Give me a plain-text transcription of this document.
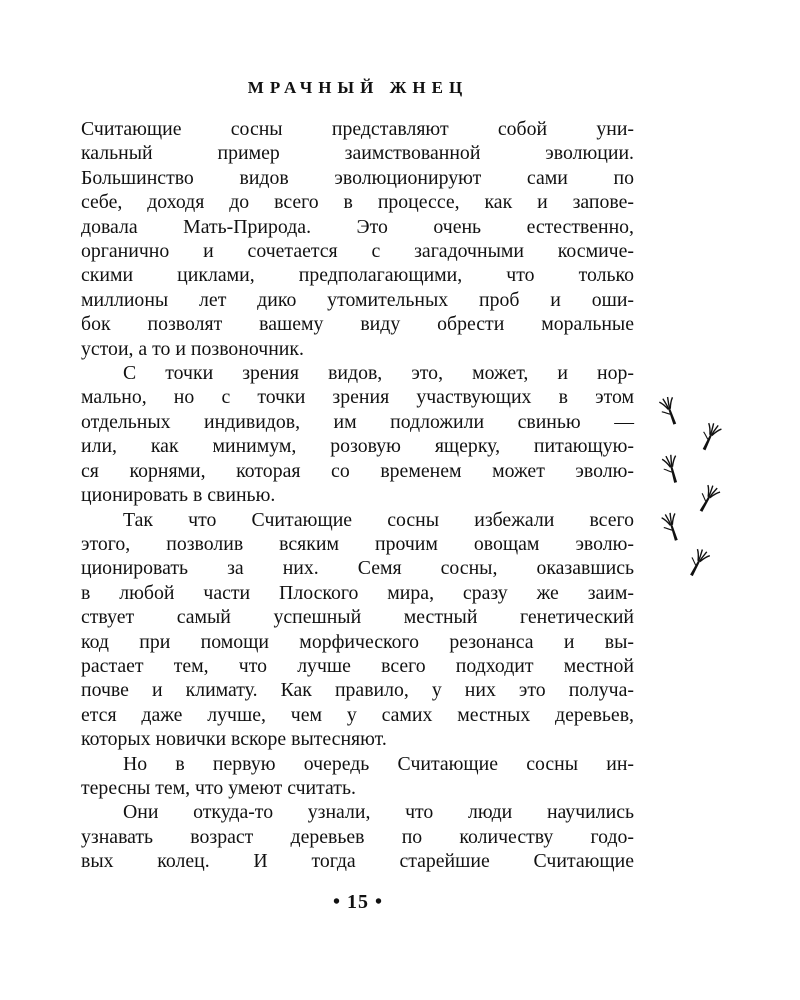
МРАЧНЫЙ ЖНЕЦ
Считающие сосны представляют собой уни-
кальный пример заимствованной эволюции.
Большинство видов эволюционируют сами по
себе, доходя до всего в процессе, как и запове-
довала Мать-Природа. Это очень естественно,
органично и сочетается с загадочными космиче-
скими циклами, предполагающими, что только
миллионы лет дико утомительных проб и оши-
бок позволят вашему виду обрести моральные
устои, а то и позвоночник.
С точки зрения видов, это, может, и нор-
мально, но с точки зрения участвующих в этом
отдельных индивидов, им подложили свинью —
или, как минимум, розовую ящерку, питающую-
ся корнями, которая со временем может эволю-
ционировать в свинью.
Так что Считающие сосны избежали всего
этого, позволив всяким прочим овощам эволю-
ционировать за них. Семя сосны, оказавшись
в любой части Плоского мира, сразу же заим-
ствует самый успешный местный генетический
код при помощи морфического резонанса и вы-
растает тем, что лучше всего подходит местной
почве и климату. Как правило, у них это получа-
ется даже лучше, чем у самих местных деревьев,
которых новички вскоре вытесняют.
Но в первую очередь Считающие сосны ин-
тересны тем, что умеют считать.
Они откуда-то узнали, что люди научились
узнавать возраст деревьев по количеству годо-
вых колец. И тогда старейшие Считающие
• 15 •
